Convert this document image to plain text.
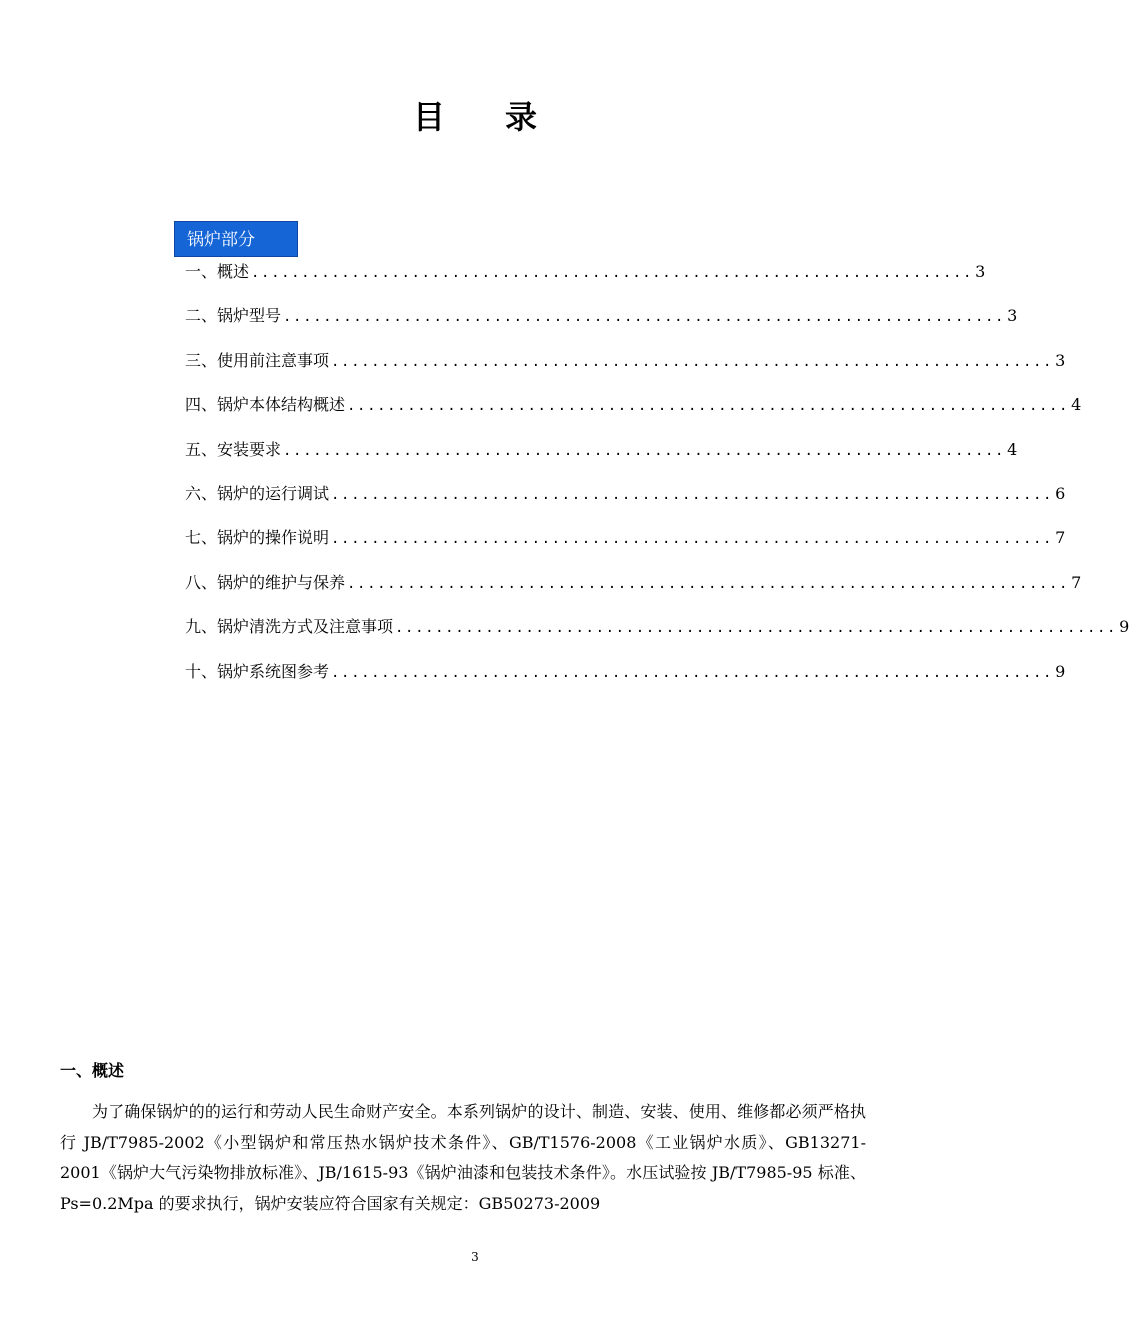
目 录
锅炉部分
一、概述 ........................................................................ 3
二、锅炉型号 ........................................................................ 3
三、使用前注意事项 ........................................................................ 3
四、锅炉本体结构概述 ........................................................................ 4
五、安装要求 ........................................................................ 4
六、锅炉的运行调试 ........................................................................ 6
七、锅炉的操作说明 ........................................................................ 7
八、锅炉的维护与保养 ........................................................................ 7
九、锅炉清洗方式及注意事项 ........................................................................ 9
十、锅炉系统图参考 ........................................................................ 9
一、概述

为了确保锅炉的的运行和劳动人民生命财产安全。本系列锅炉的设计、制造、安装、使用、维修都必须严格执行 JB/T7985-2002《小型锅炉和常压热水锅炉技术条件》、GB/T1576-2008《工业锅炉水质》、GB13271-2001《锅炉大气污染物排放标准》、JB/1615-93《锅炉油漆和包装技术条件》。水压试验按 JB/T7985-95 标准、Ps=0.2Mpa 的要求执行，锅炉安装应符合国家有关规定：GB50273-2009

3
